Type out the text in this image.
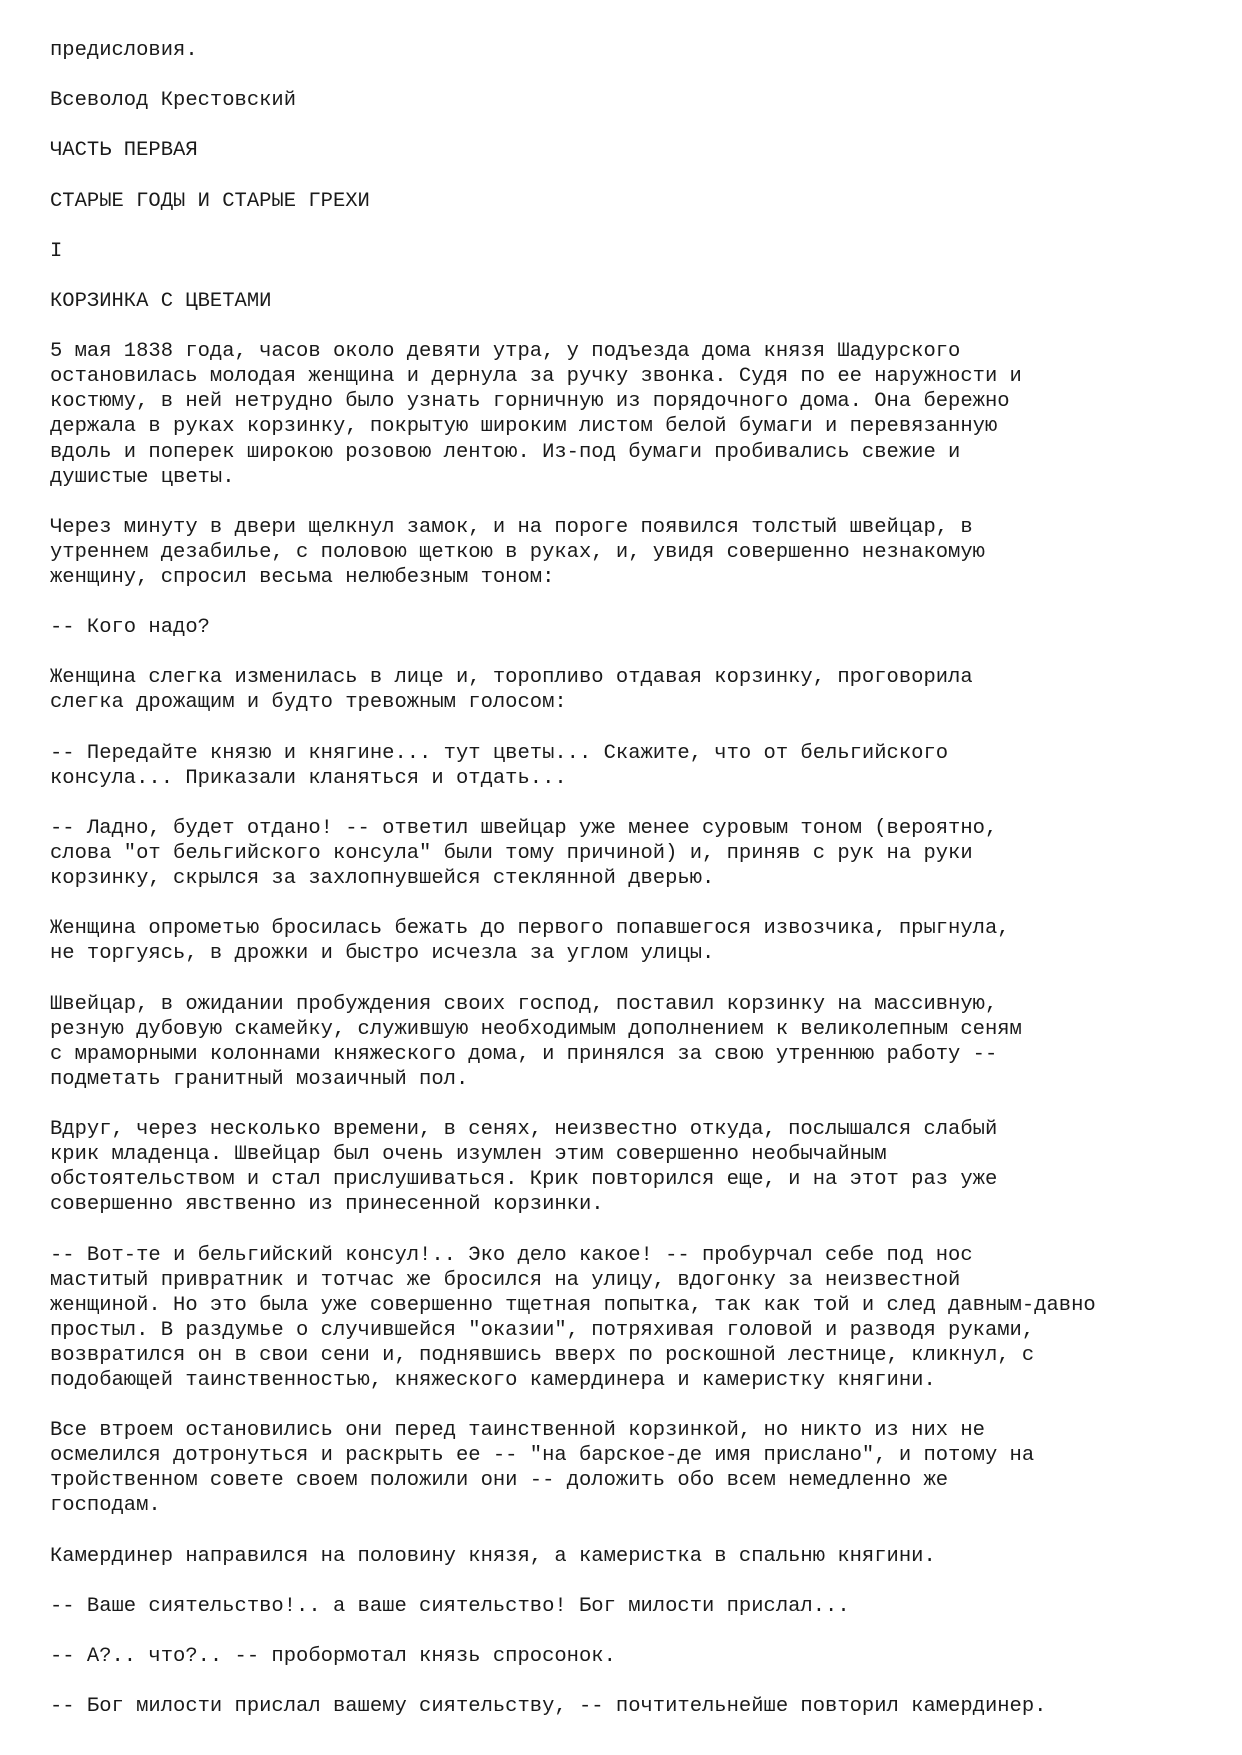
предисловия.

Всеволод Крестовский

ЧАСТЬ ПЕРВАЯ

СТАРЫЕ ГОДЫ И СТАРЫЕ ГРЕХИ

I

КОРЗИНКА С ЦВЕТАМИ

5 мая 1838 года, часов около девяти утра, у подъезда дома князя Шадурского
остановилась молодая женщина и дернула за ручку звонка. Судя по ее наружности и
костюму, в ней нетрудно было узнать горничную из порядочного дома. Она бережно
держала в руках корзинку, покрытую широким листом белой бумаги и перевязанную
вдоль и поперек широкою розовою лентою. Из-под бумаги пробивались свежие и
душистые цветы.

Через минуту в двери щелкнул замок, и на пороге появился толстый швейцар, в
утреннем дезабилье, с половою щеткою в руках, и, увидя совершенно незнакомую
женщину, спросил весьма нелюбезным тоном:

-- Кого надо?

Женщина слегка изменилась в лице и, торопливо отдавая корзинку, проговорила
слегка дрожащим и будто тревожным голосом:

-- Передайте князю и княгине... тут цветы... Скажите, что от бельгийского
консула... Приказали кланяться и отдать...

-- Ладно, будет отдано! -- ответил швейцар уже менее суровым тоном (вероятно,
слова "от бельгийского консула" были тому причиной) и, приняв с рук на руки
корзинку, скрылся за захлопнувшейся стеклянной дверью.

Женщина опрометью бросилась бежать до первого попавшегося извозчика, прыгнула,
не торгуясь, в дрожки и быстро исчезла за углом улицы.

Швейцар, в ожидании пробуждения своих господ, поставил корзинку на массивную,
резную дубовую скамейку, служившую необходимым дополнением к великолепным сеням
с мраморными колоннами княжеского дома, и принялся за свою утреннюю работу --
подметать гранитный мозаичный пол.

Вдруг, через несколько времени, в сенях, неизвестно откуда, послышался слабый
крик младенца. Швейцар был очень изумлен этим совершенно необычайным
обстоятельством и стал прислушиваться. Крик повторился еще, и на этот раз уже
совершенно явственно из принесенной корзинки.

-- Вот-те и бельгийский консул!.. Эко дело какое! -- пробурчал себе под нос
маститый привратник и тотчас же бросился на улицу, вдогонку за неизвестной
женщиной. Но это была уже совершенно тщетная попытка, так как той и след давным-давно
простыл. В раздумье о случившейся "оказии", потряхивая головой и разводя руками,
возвратился он в свои сени и, поднявшись вверх по роскошной лестнице, кликнул, с
подобающей таинственностью, княжеского камердинера и камеристку княгини.

Все втроем остановились они перед таинственной корзинкой, но никто из них не
осмелился дотронуться и раскрыть ее -- "на барское-де имя прислано", и потому на
тройственном совете своем положили они -- доложить обо всем немедленно же
господам.

Камердинер направился на половину князя, а камеристка в спальню княгини.

-- Ваше сиятельство!.. а ваше сиятельство! Бог милости прислал...

-- А?.. что?.. -- пробормотал князь спросонок.

-- Бог милости прислал вашему сиятельству, -- почтительнейше повторил камердинер.
